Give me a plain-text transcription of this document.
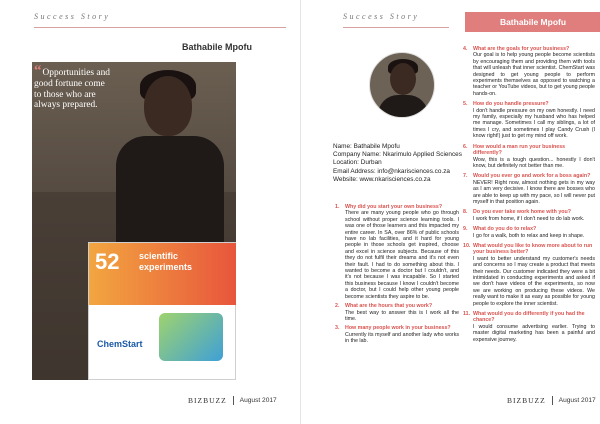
Success Story
Bathabile Mpofu
52 scientific
experiments
ChemStart
“Opportunities and good fortune come to those who are always prepared.
BIZBUZZ August 2017
Success Story
Bathabile Mpofu
Name: Bathabile Mpofu
Company Name: Nkarimulo Applied Sciences
Location: Durban
Email Address: info@nkarisciences.co.za
Website: www.nkarisciences.co.za
1.	Why did you start your own business?
There are many young people who go through school without proper science learning tools. I was one of those learners and this impacted my entire career. In SA, over 86% of public schools have no lab facilities, and it hard for young people in those schools get inspired, choose and excel in science subjects. Because of this they do not fulfil their dreams and it's not even their fault. I had to do something about this. I wanted to become a doctor but I couldn't, and it's not because I was incapable. So I started this business because I know I couldn't become a doctor, but I could help other young people become scientists they aspire to be.
2.	What are the hours that you work?
The best way to answer this is I work all the time.
3.	How many people work in your business?
Currently its myself and another lady who works in the lab.
4.	What are the goals for your business?
Our goal is to help young people become scientists by encouraging them and providing them with tools that will unleash that inner scientist. ChemStart was designed to get young people to perform experiments themselves as opposed to watching a teacher or YouTube videos, but to get young people hands-on.
5.	How do you handle pressure?
I don't handle pressure on my own honestly. I need my family, especially my husband who has helped me manage. Sometimes I call my siblings, a lot of times I cry, and sometimes I play Candy Crush (I know right!) just to get my mind off work.
6.	How would a man run your business differently?
Wow, this is a tough question... honestly I don't know, but definitely not better than me.
7.	Would you ever go and work for a boss again?
NEVER! Right now, almost nothing gets in my way as I am very decisive. I know there are bosses who are able to keep up with my pace, so I will never put myself in that position again.
8.	Do you ever take work home with you?
I work from home, if I don't need to do lab work.
9.	What do you do to relax?
I go for a walk, both to relax and keep in shape.
10. What would you like to know more about to run your business better?
I want to better understand my customer's needs and concerns so I may create a product that meets their needs. Our customer indicated they were a bit intimidated in conducting experiments and asked if we don't have videos of the experiments, so now we are working on producing these videos. We really want to make it as easy as possible for young people to explore the inner scientist.
11. What would you do differently if you had the chance?
I would consume advertising earlier. Trying to master digital marketing has been a painful and expensive journey.
BIZBUZZ August 2017
